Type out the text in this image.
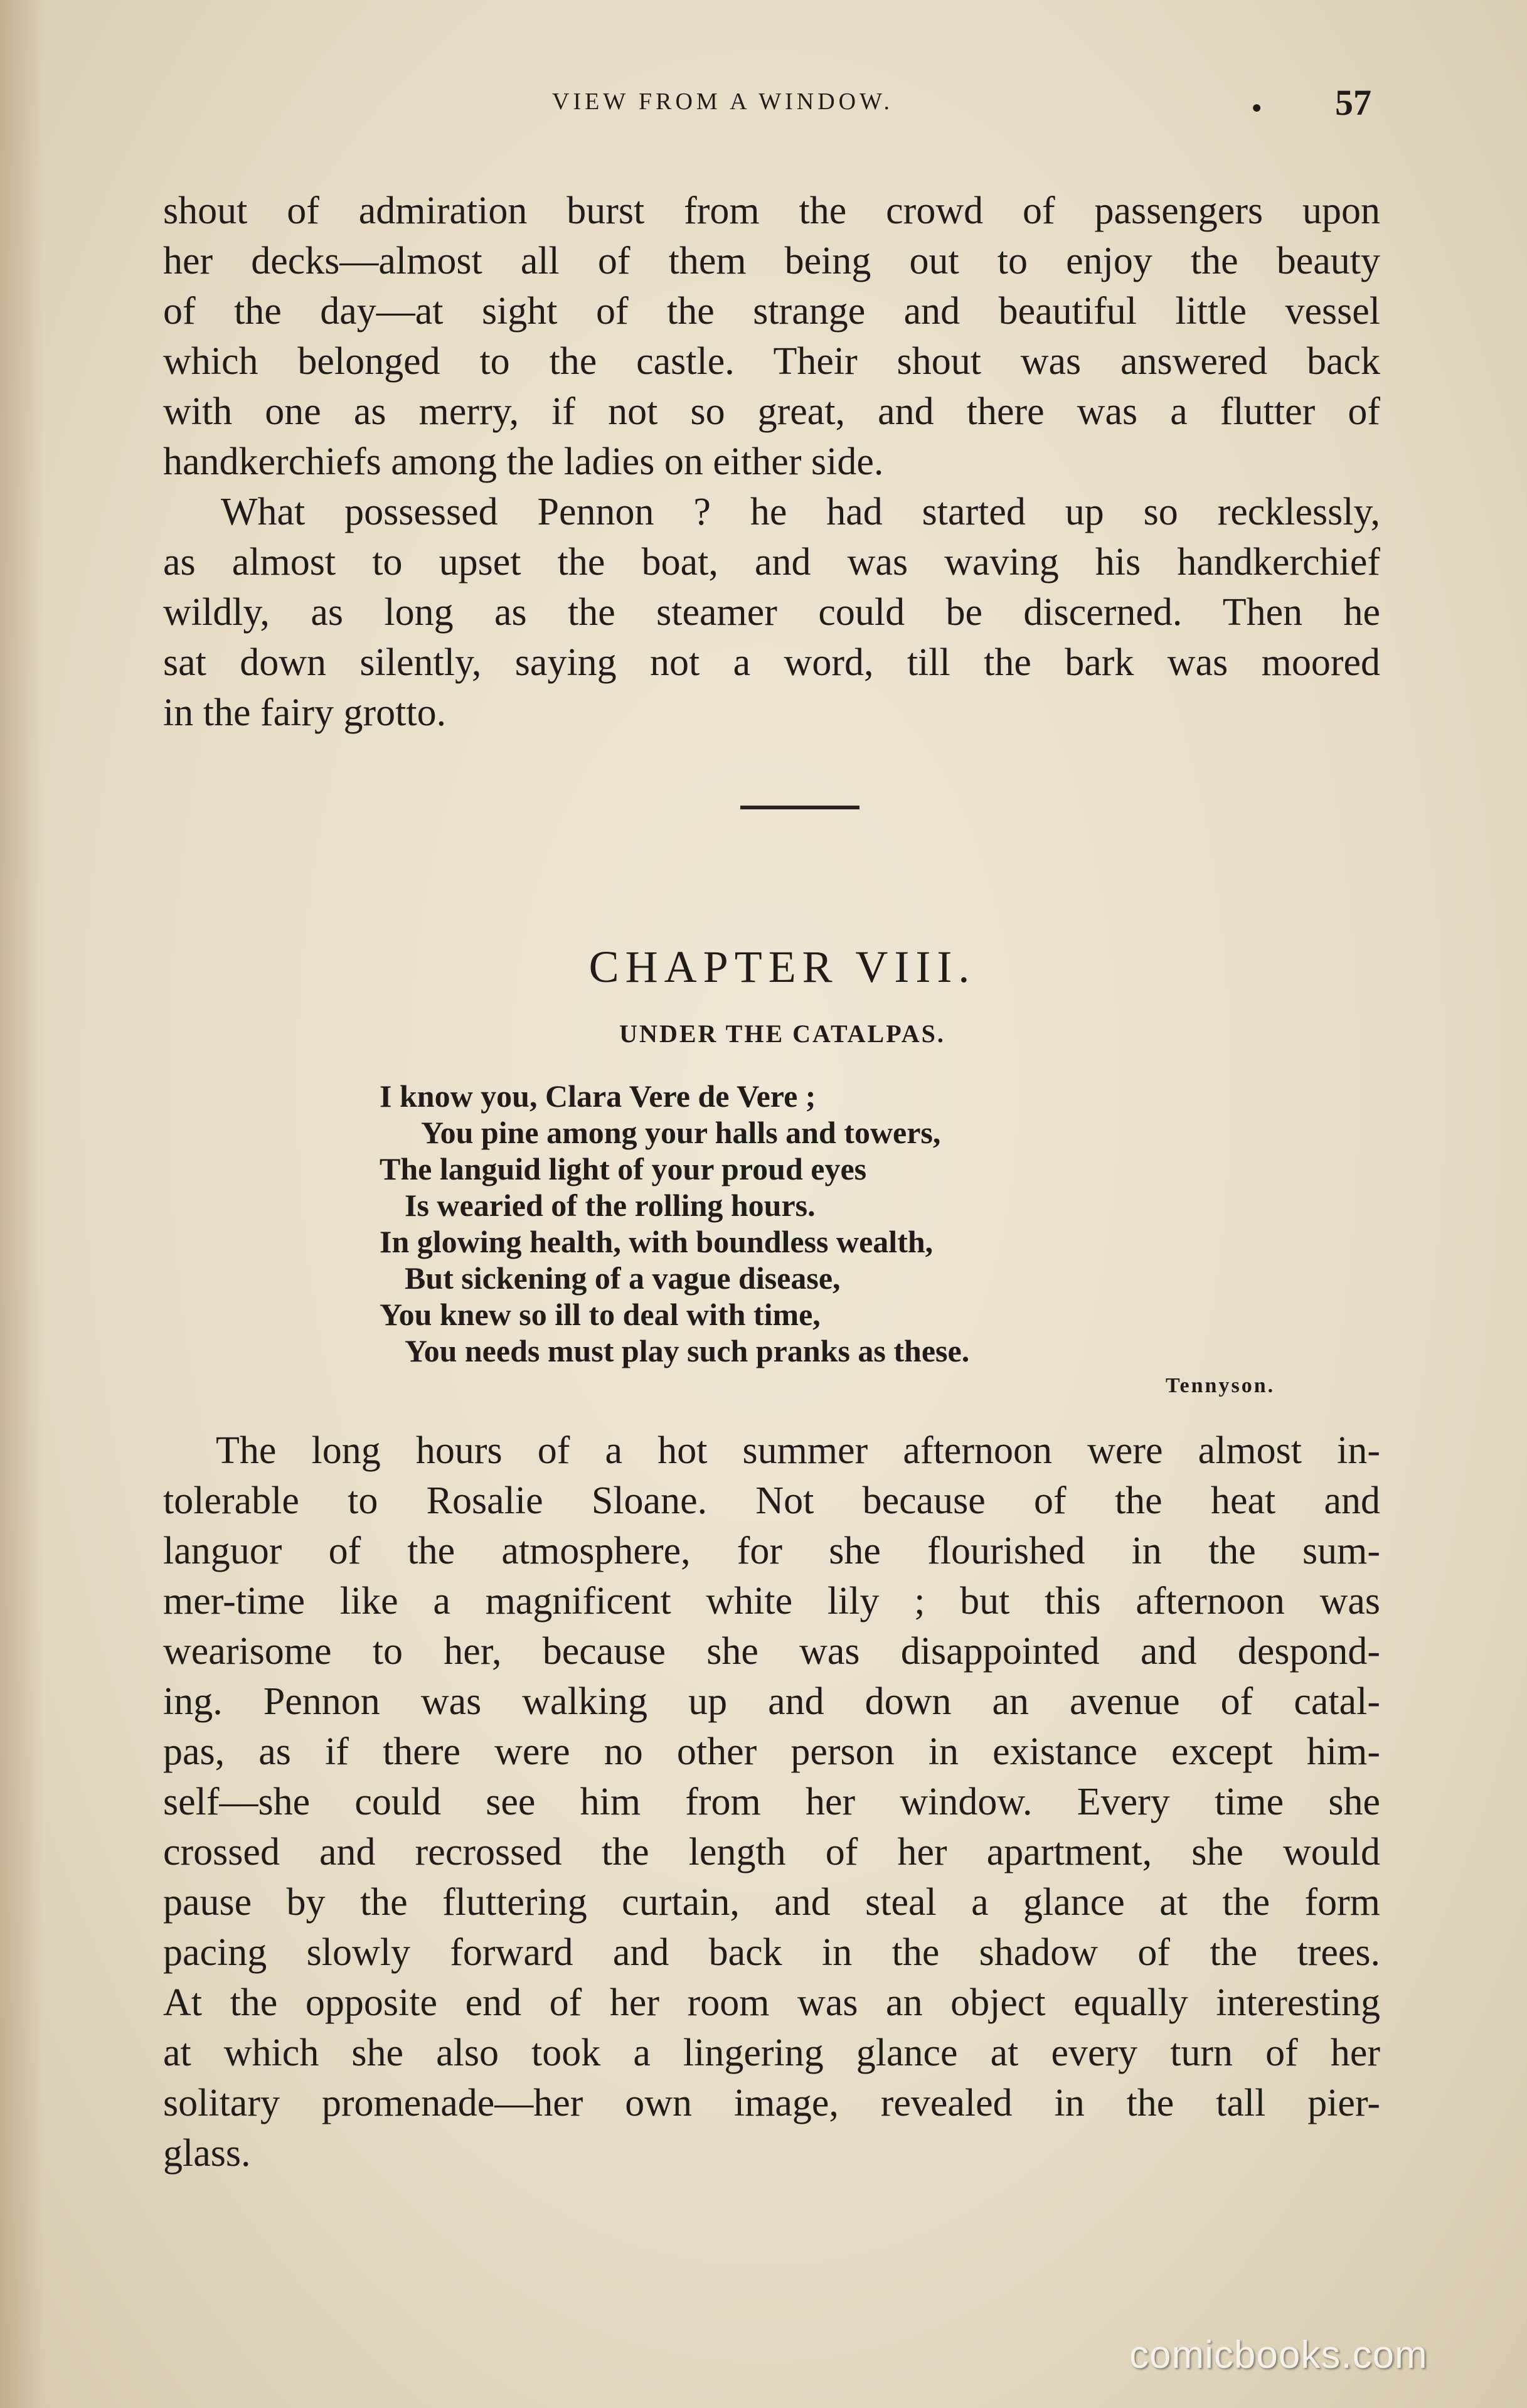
VIEW FROM A WINDOW.	. 57

shout of admiration burst from the crowd of passengers upon
her decks—almost all of them being out to enjoy the beauty
of the day—at sight of the strange and beautiful little vessel
which belonged to the castle. Their shout was answered back
with one as merry, if not so great, and there was a flutter of
handkerchiefs among the ladies on either side.

What possessed Pennon ? he had started up so recklessly,
as almost to upset the boat, and was waving his handkerchief
wildly, as long as the steamer could be discerned. Then he
sat down silently, saying not a word, till the bark was moored
in the fairy grotto.

CHAPTER VIII.
UNDER THE CATALPAS.
I know you, Clara Vere de Vere ;
You pine among your halls and towers,
The languid light of your proud eyes
Is wearied of the rolling hours.
In glowing health, with boundless wealth,
But sickening of a vague disease,
You knew so ill to deal with time,
You needs must play such pranks as these.
Tennyson.

The long hours of a hot summer afternoon were almost in-
tolerable to Rosalie Sloane. Not because of the heat and
languor of the atmosphere, for she flourished in the sum-
mer-time like a magnificent white lily ; but this afternoon was
wearisome to her, because she was disappointed and despond-
ing. Pennon was walking up and down an avenue of catal-
pas, as if there were no other person in existance except him-
self—she could see him from her window. Every time she
crossed and recrossed the length of her apartment, she would
pause by the fluttering curtain, and steal a glance at the form
pacing slowly forward and back in the shadow of the trees.
At the opposite end of her room was an object equally interesting
at which she also took a lingering glance at every turn of her
solitary promenade—her own image, revealed in the tall pier-
glass.

comicbooks.com
